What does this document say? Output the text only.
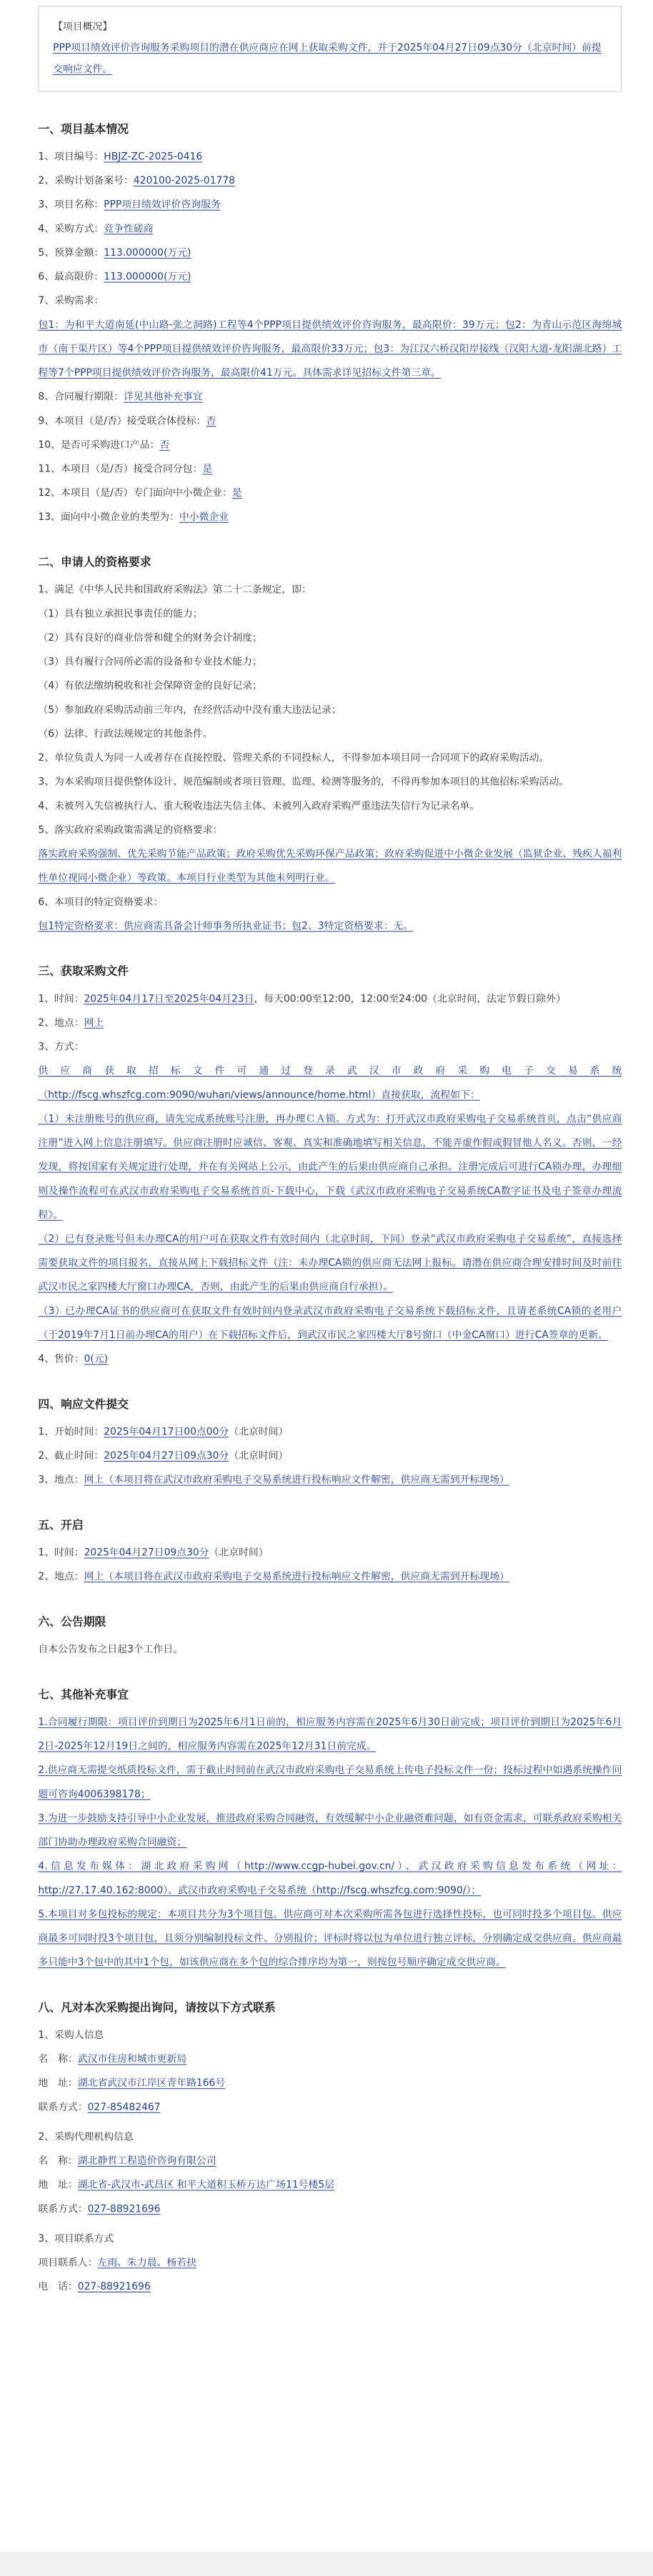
【项目概况】
PPP项目绩效评价咨询服务采购项目的潜在供应商应在网上获取采购文件，并于2025年04月27日09点30分（北京时间）前提交响应文件。
一、项目基本情况
1、项目编号：HBJZ-ZC-2025-0416
2、采购计划备案号：420100-2025-01778
3、项目名称：PPP项目绩效评价咨询服务
4、采购方式：竞争性磋商
5、预算金额：113.000000(万元)
6、最高限价：113.000000(万元)
7、采购需求：
包1：为和平大道南延(中山路-张之洞路)工程等4个PPP项目提供绩效评价咨询服务，最高限价：39万元；包2：为青山示范区海绵城市（南干渠片区）等4个PPP项目提供绩效评价咨询服务，最高限价33万元；包3：为江汉六桥汉阳岸接线（汉阳大道-龙阳湖北路）工程等7个PPP项目提供绩效评价咨询服务，最高限价41万元。具体需求详见招标文件第三章。
8、合同履行期限：详见其他补充事宜
9、本项目（是/否）接受联合体投标：否
10、是否可采购进口产品：否
11、本项目（是/否）接受合同分包：是
12、本项目（是/否）专门面向中小微企业：是
13、面向中小微企业的类型为：中小微企业
二、申请人的资格要求
1、满足《中华人民共和国政府采购法》第二十二条规定，即：
（1）具有独立承担民事责任的能力；
（2）具有良好的商业信誉和健全的财务会计制度；
（3）具有履行合同所必需的设备和专业技术能力；
（4）有依法缴纳税收和社会保障资金的良好记录；
（5）参加政府采购活动前三年内，在经营活动中没有重大违法记录；
（6）法律、行政法规规定的其他条件。
2、单位负责人为同一人或者存在直接控股、管理关系的不同投标人，不得参加本项目同一合同项下的政府采购活动。
3、为本采购项目提供整体设计、规范编制或者项目管理、监理、检测等服务的，不得再参加本项目的其他招标采购活动。
4、未被列入失信被执行人、重大税收违法失信主体、未被列入政府采购严重违法失信行为记录名单。
5、落实政府采购政策需满足的资格要求：
落实政府采购强制、优先采购节能产品政策；政府采购优先采购环保产品政策；政府采购促进中小微企业发展（监狱企业、残疾人福利性单位视同小微企业）等政策。本项目行业类型为其他未列明行业。
6、本项目的特定资格要求：
包1特定资格要求：供应商需具备会计师事务所执业证书；包2、3特定资格要求：无。
三、获取采购文件
1、时间：2025年04月17日至2025年04月23日，每天00:00至12:00，12:00至24:00（北京时间，法定节假日除外）
2、地点：网上
3、方式：
供应商获取招标文件可通过登录武汉市政府采购电子交易系统（http://fscg.whszfcg.com:9090/wuhan/views/announce/home.html）直接获取，流程如下：
（1）未注册账号的供应商，请先完成系统账号注册，再办理ＣＡ锁。方式为：打开武汉市政府采购电子交易系统首页，点击“供应商注册”进入网上信息注册填写。供应商注册时应诚信、客观、真实和准确地填写相关信息，不能弄虚作假或假冒他人名义。否则，一经发现，将按国家有关规定进行处理，并在有关网站上公示，由此产生的后果由供应商自己承担。注册完成后可进行CA锁办理，办理细则及操作流程可在武汉市政府采购电子交易系统首页-下载中心，下载《武汉市政府采购电子交易系统CA数字证书及电子签章办理流程》。
（2）已有登录账号但未办理CA的用户可在获取文件有效时间内（北京时间，下同）登录“武汉市政府采购电子交易系统”，直接选择需要获取文件的项目报名，直接从网上下载招标文件（注：未办理CA锁的供应商无法网上报标。请潜在供应商合理安排时间及时前往武汉市民之家四楼大厅窗口办理CA，否则，由此产生的后果由供应商自行承担）。
（3）已办理CA证书的供应商可在获取文件有效时间内登录武汉市政府采购电子交易系统下载招标文件，且请老系统CA锁的老用户（于2019年7月1日前办理CA的用户）在下载招标文件后，到武汉市民之家四楼大厅8号窗口（中金CA窗口）进行CA签章的更新。
4、售价：0(元)
四、响应文件提交
1、开始时间：2025年04月17日00点00分（北京时间）
2、截止时间：2025年04月27日09点30分（北京时间）
3、地点：网上（本项目将在武汉市政府采购电子交易系统进行投标响应文件解密，供应商无需到开标现场）
五、开启
1、时间：2025年04月27日09点30分（北京时间）
2、地点：网上（本项目将在武汉市政府采购电子交易系统进行投标响应文件解密，供应商无需到开标现场）
六、公告期限
自本公告发布之日起3个工作日。
七、其他补充事宜
1.合同履行期限：项目评价到期日为2025年6月1日前的，相应服务内容需在2025年6月30日前完成；项目评价到期日为2025年6月2日-2025年12月19日之间的，相应服务内容需在2025年12月31日前完成。
2.供应商无需提交纸质投标文件，需于截止时间前在武汉市政府采购电子交易系统上传电子投标文件一份；投标过程中如遇系统操作问题可咨询4006398178；
3.为进一步鼓励支持引导中小企业发展，推进政府采购合同融资，有效缓解中小企业融资难问题，如有资金需求，可联系政府采购相关部门协助办理政府采购合同融资；
4.信息发布媒体：湖北政府采购网（http://www.ccgp-hubei.gov.cn/）、武汉政府采购信息发布系统（网址：http://27.17.40.162:8000）、武汉市政府采购电子交易系统（http://fscg.whszfcg.com:9090/）；
5.本项目对多包投标的规定：本项目共分为3个项目包。供应商可对本次采购所需各包进行选择性投标，也可同时投多个项目包。供应商最多可同时投3个项目包，且须分别编制投标文件、分别报价；评标时将以包为单位进行独立评标，分别确定成交供应商。供应商最多只能中3个包中的其中1个包，如该供应商在多个包的综合排序均为第一，则按包号顺序确定成交供应商。
八、凡对本次采购提出询问，请按以下方式联系
1、采购人信息
名　称：武汉市住房和城市更新局
地　址：湖北省武汉市江岸区青年路166号
联系方式：027-85482467
2、采购代理机构信息
名　称：湖北静哲工程造价咨询有限公司
地　址：湖北省-武汉市-武昌区 和平大道积玉桥万达广场11号楼5层
联系方式：027-88921696
3、项目联系方式
项目联系人：左雨、朱力晨、杨若抉
电　话：027-88921696
